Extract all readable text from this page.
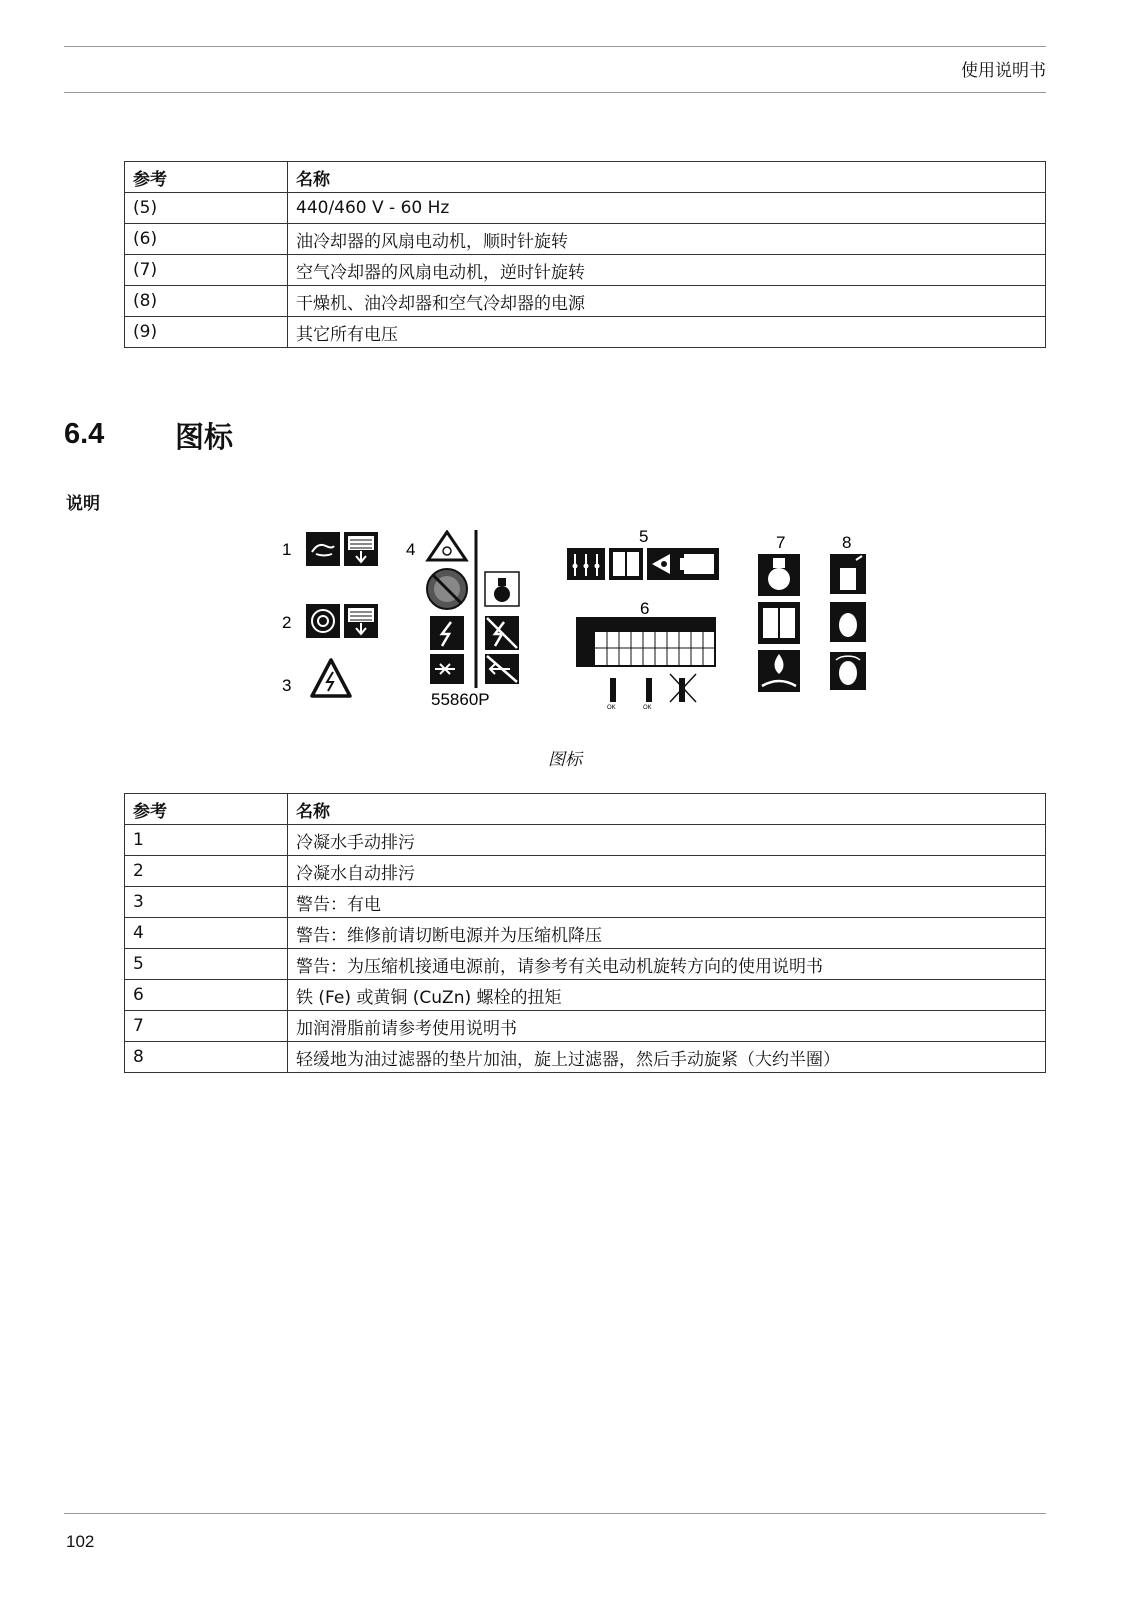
使用说明书
参考	名称
(5)	440/460 V - 60 Hz
(6)	油冷却器的风扇电动机，顺时针旋转
(7)	空气冷却器的风扇电动机，逆时针旋转
(8)	干燥机、油冷却器和空气冷却器的电源
(9)	其它所有电压
6.4 图标
说明
1
2
3
4
5
6
7	8
55860P	OK	OK
图标
参考	名称
1	冷凝水手动排污
2	冷凝水自动排污
3	警告：有电
4	警告：维修前请切断电源并为压缩机降压
5	警告：为压缩机接通电源前，请参考有关电动机旋转方向的使用说明书
6	铁 (Fe) 或黄铜 (CuZn) 螺栓的扭矩
7	加润滑脂前请参考使用说明书
8	轻缓地为油过滤器的垫片加油，旋上过滤器，然后手动旋紧（大约半圈）
102
